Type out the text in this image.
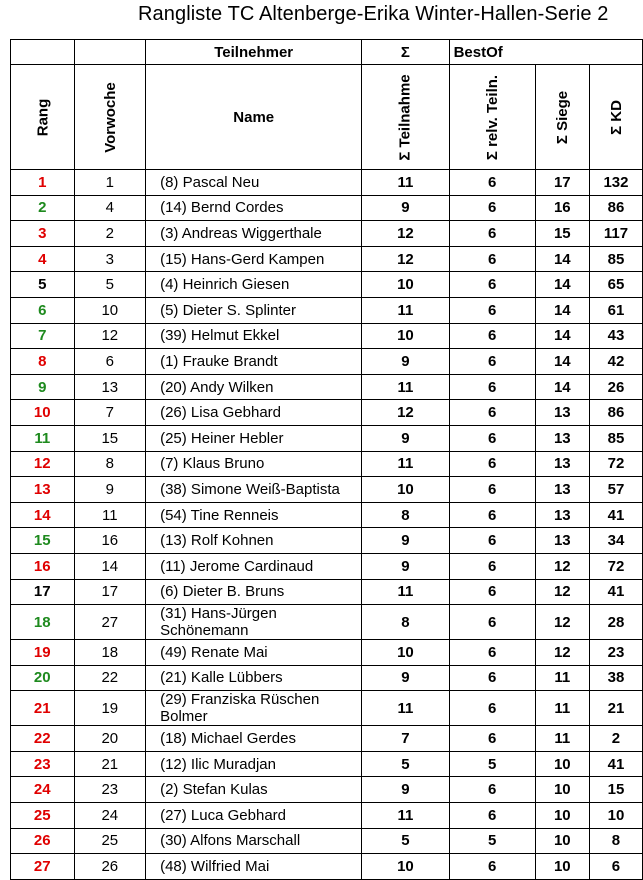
Rangliste TC Altenberge-Erika Winter-Hallen-Serie 2
		Teilnehmer	Σ	BestOf		

Rang	Vorwoche	Name	Σ Teilnahme	Σ relv. Teiln.	Σ Siege	Σ KD

1	1	(8) Pascal Neu	11	6	17	132
2	4	(14) Bernd Cordes	9	6	16	86
3	2	(3) Andreas Wiggerthale	12	6	15	117
4	3	(15) Hans-Gerd Kampen	12	6	14	85
5	5	(4) Heinrich Giesen	10	6	14	65
6	10	(5) Dieter S. Splinter	11	6	14	61
7	12	(39) Helmut Ekkel	10	6	14	43
8	6	(1) Frauke Brandt	9	6	14	42
9	13	(20) Andy Wilken	11	6	14	26
10	7	(26) Lisa Gebhard	12	6	13	86
11	15	(25) Heiner Hebler	9	6	13	85
12	8	(7) Klaus Bruno	11	6	13	72
13	9	(38) Simone Weiß-Baptista	10	6	13	57
14	11	(54) Tine Renneis	8	6	13	41
15	16	(13) Rolf Kohnen	9	6	13	34
16	14	(11) Jerome Cardinaud	9	6	12	72
17	17	(6) Dieter B. Bruns	11	6	12	41
18	27	(31) Hans-Jürgen Schönemann	8	6	12	28
19	18	(49) Renate Mai	10	6	12	23
20	22	(21) Kalle Lübbers	9	6	11	38
21	19	(29) Franziska Rüschen Bolmer	11	6	11	21
22	20	(18) Michael Gerdes	7	6	11	2
23	21	(12) Ilic Muradjan	5	5	10	41
24	23	(2) Stefan Kulas	9	6	10	15
25	24	(27) Luca Gebhard	11	6	10	10
26	25	(30) Alfons Marschall	5	5	10	8
27	26	(48) Wilfried Mai	10	6	10	6
